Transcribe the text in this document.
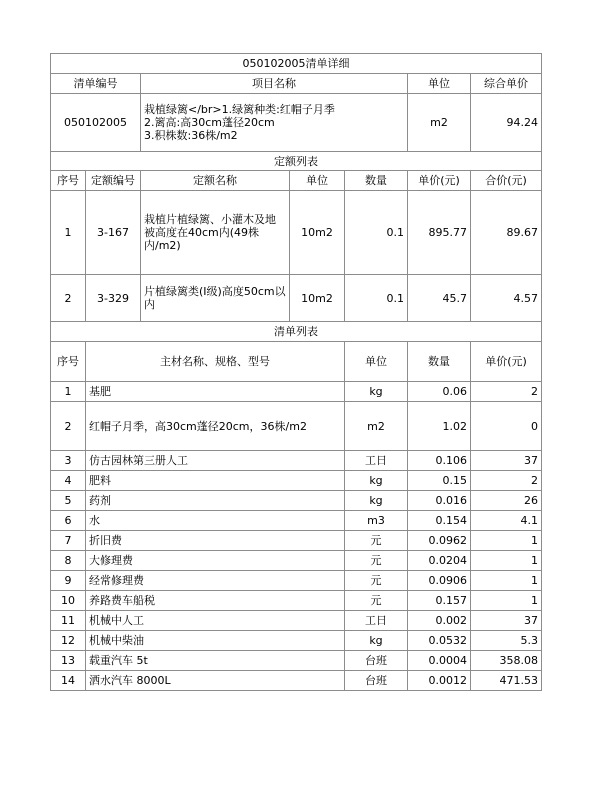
050102005清单详细							
清单编号		项目名称			单位	综合单价	
050102005		栽植绿篱</br>1.绿篱种类:红帽子月季
2.篱高:高30cm蓬径20cm
3.积株数:36株/m2			m2	94.24	
定额列表							
序号	定额编号	定额名称	单位	数量	单价(元)	合价(元)	
1	3-167	栽植片植绿篱、小灌木及地被高度在40cm内(49株内/m2)	10m2	0.1	895.77	89.67	
2	3-329	片植绿篱类(I级)高度50cm以内	10m2	0.1	45.7	4.57	
清单列表							
序号	主材名称、规格、型号			单位	数量	单价(元)	
1	基肥			kg	0.06	2	
2	红帽子月季，高30cm蓬径20cm，36株/m2			m2	1.02	0	
3	仿古园林第三册人工			工日	0.106	37	
4	肥料			kg	0.15	2	
5	药剂			kg	0.016	26	
6	水			m3	0.154	4.1	
7	折旧费			元	0.0962	1	
8	大修理费			元	0.0204	1	
9	经常修理费			元	0.0906	1	
10	养路费车船税			元	0.157	1	
11	机械中人工			工日	0.002	37	
12	机械中柴油			kg	0.0532	5.3	
13	载重汽车 5t			台班	0.0004	358.08	
14	洒水汽车 8000L			台班	0.0012	471.53	
